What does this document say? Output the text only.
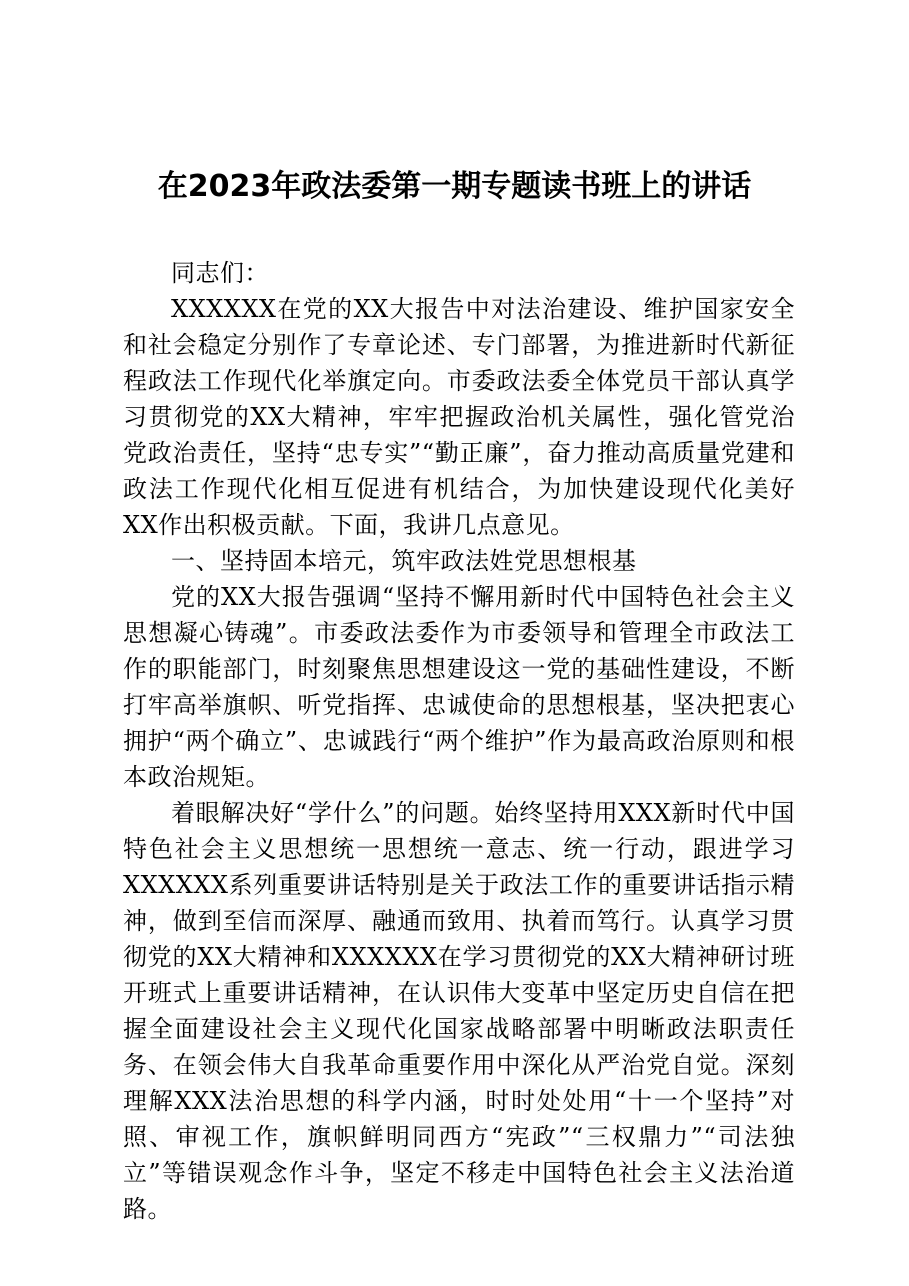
在2023年政法委第一期专题读书班上的讲话

同志们：

XXXXXX在党的XX大报告中对法治建设、维护国家安全和社会稳定分别作了专章论述、专门部署，为推进新时代新征程政法工作现代化举旗定向。市委政法委全体党员干部认真学习贯彻党的XX大精神，牢牢把握政治机关属性，强化管党治党政治责任，坚持“忠专实”“勤正廉”，奋力推动高质量党建和政法工作现代化相互促进有机结合，为加快建设现代化美好XX作出积极贡献。下面，我讲几点意见。

一、坚持固本培元，筑牢政法姓党思想根基

党的XX大报告强调“坚持不懈用新时代中国特色社会主义思想凝心铸魂”。市委政法委作为市委领导和管理全市政法工作的职能部门，时刻聚焦思想建设这一党的基础性建设，不断打牢高举旗帜、听党指挥、忠诚使命的思想根基，坚决把衷心拥护“两个确立”、忠诚践行“两个维护”作为最高政治原则和根本政治规矩。

着眼解决好“学什么”的问题。始终坚持用XXX新时代中国特色社会主义思想统一思想统一意志、统一行动，跟进学习XXXXXX系列重要讲话特别是关于政法工作的重要讲话指示精神，做到至信而深厚、融通而致用、执着而笃行。认真学习贯彻党的XX大精神和XXXXXX在学习贯彻党的XX大精神研讨班开班式上重要讲话精神，在认识伟大变革中坚定历史自信在把握全面建设社会主义现代化国家战略部署中明晰政法职责任务、在领会伟大自我革命重要作用中深化从严治党自觉。深刻理解XXX法治思想的科学内涵，时时处处用“十一个坚持”对照、审视工作，旗帜鲜明同西方“宪政”“三权鼎力”“司法独立”等错误观念作斗争，坚定不移走中国特色社会主义法治道路。
